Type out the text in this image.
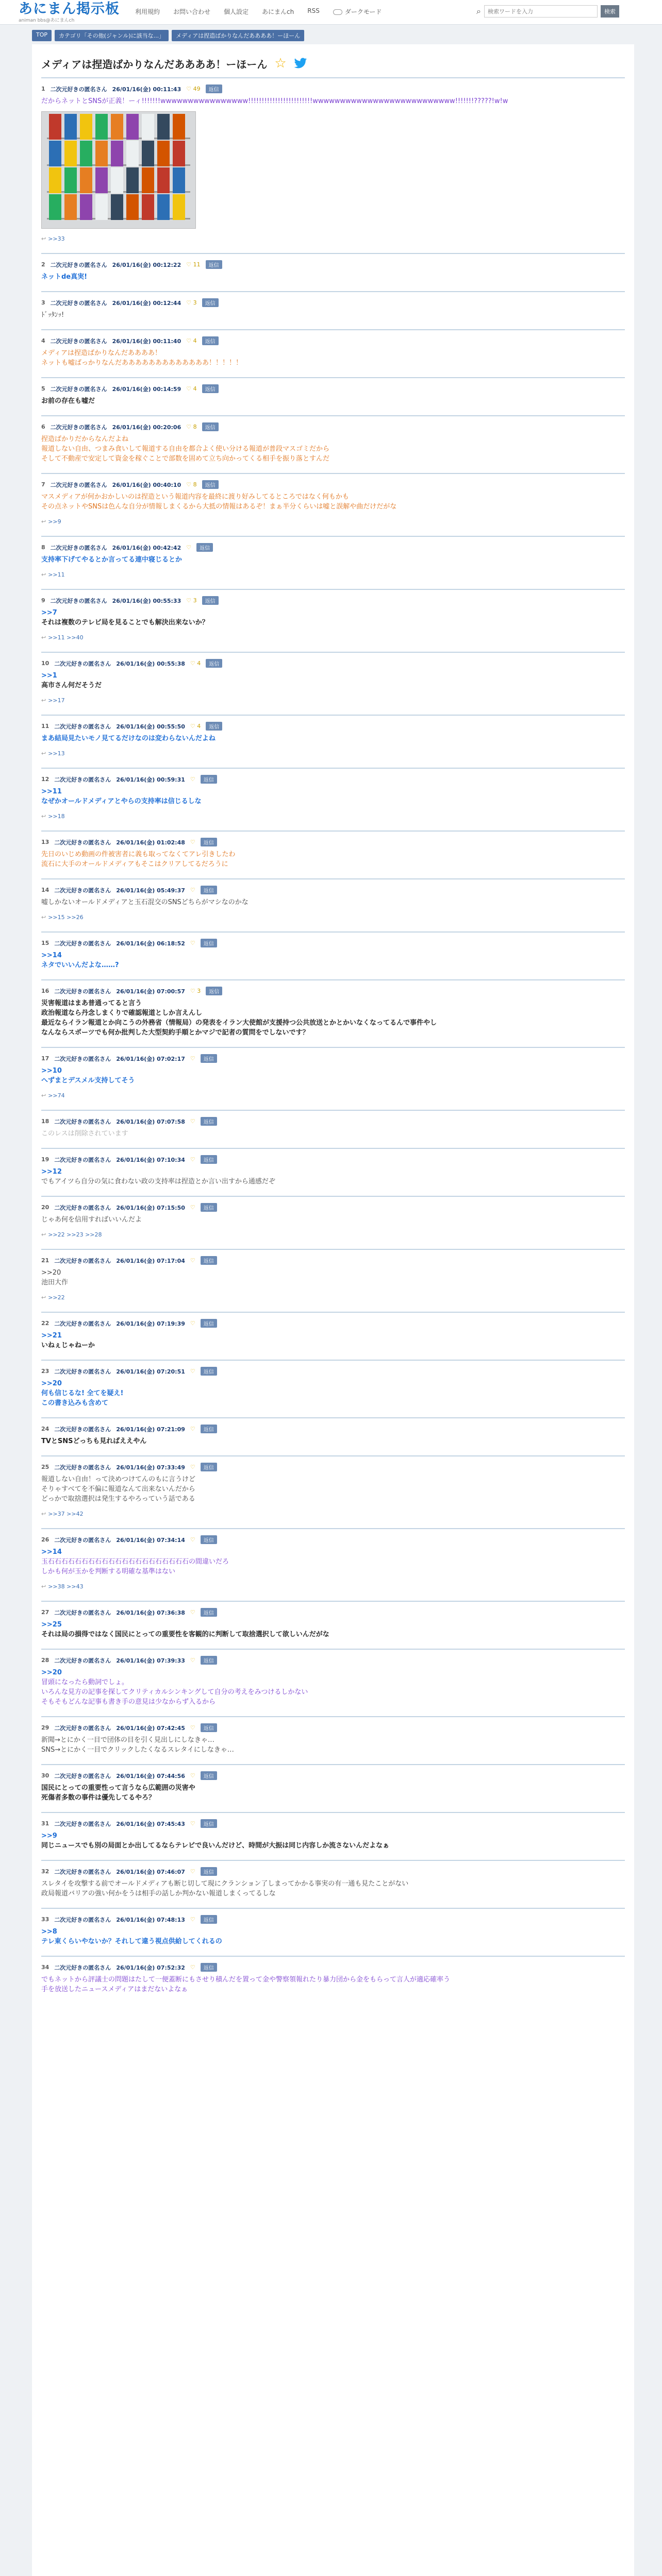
あにまん掲示板
animan bbs@あにまんch
利用規約 お問い合わせ 個人設定 あにまんch RSS	ダークモード	⌕
検索ワードを入力	検索
TOP	カテゴリ「その他(ジャンル)に該当な...」	メディアは捏造ばかりなんだああああ！ーほーん
メディアは捏造ばかりなんだああああ！ーほーん ☆
1 二次元好きの匿名さん 26/01/16(金) 00:11:43 ♡ 49	返信
だからネットとSNSが正義！ーィ!!!!!!!wwwwwwwwwwwwwwww!!!!!!!!!!!!!!!!!!!!!!!!wwwwwwwwwwwwwwwwwwwwwwwwww!!!!!!!?????!w!w
↩ >>33
2 二次元好きの匿名さん 26/01/16(金) 00:12:22 ♡ 11	返信
ネットde真実!
3 二次元好きの匿名さん 26/01/16(金) 00:12:44 ♡ 3	返信
ﾄﾞｯﾀﾝｯ!
4 二次元好きの匿名さん 26/01/16(金) 00:11:40 ♡ 4	返信
メディアは捏造ばかりなんだああああ！
ネットも嘘ばっかりなんだあああああああああああああ！！！！！
5 二次元好きの匿名さん 26/01/16(金) 00:14:59 ♡ 4	返信
お前の存在も嘘だ
6 二次元好きの匿名さん 26/01/16(金) 00:20:06 ♡ 8	返信
捏造ばかりだからなんだよね
報道しない自由、つまみ食いして報道する自由を都合よく使い分ける報道が普段マスゴミだから
そして不動産で安定して資金を稼ぐことで部数を固めて立ち向かってくる相手を振り落とすんだ
7 二次元好きの匿名さん 26/01/16(金) 00:40:10 ♡ 8	返信
マスメディアが何かおかしいのは捏造という報道内容を最終に渡り好みしてるところではなく何もかも
その点ネットやSNSは色んな自分が情報しまくるから大抵の情報はあるぞ！まぁ半分くらいは嘘と誤解や曲だけだがな
↩ >>9
8 二次元好きの匿名さん 26/01/16(金) 00:42:42 ♡	返信
支持率下げてやるとか言ってる連中寝じるとか
↩ >>11
9 二次元好きの匿名さん 26/01/16(金) 00:55:33 ♡ 3	返信
>>7
それは複数のテレビ局を見ることでも解決出来ないか？
↩ >>11 >>40
10 二次元好きの匿名さん 26/01/16(金) 00:55:38 ♡ 4	返信
>>1
高市さん何だそうだ
↩ >>17
11 二次元好きの匿名さん 26/01/16(金) 00:55:50 ♡ 4	返信
まあ結局見たいモノ見てるだけなのは変わらないんだよね
↩ >>13
12 二次元好きの匿名さん 26/01/16(金) 00:59:31 ♡	返信
>>11
なぜかオールドメディアとやらの支持率は信じるしな
↩ >>18
13 二次元好きの匿名さん 26/01/16(金) 01:02:48 ♡	返信
先日のいじめ動画の件被害者に義も取ってなくてアレ引きしたわ
流石に大手のオールドメディアもそこはクリアしてるだろうに
14 二次元好きの匿名さん 26/01/16(金) 05:49:37 ♡	返信
嘘しかないオールドメディアと玉石混交のSNSどちらがマシなのかな
↩ >>15 >>26
15 二次元好きの匿名さん 26/01/16(金) 06:18:52 ♡	返信
>>14
ネタでいいんだよな……?
16 二次元好きの匿名さん 26/01/16(金) 07:00:57 ♡ 3	返信
災害報道はまあ普通ってると言う
政治報道なら丹念しまくりで確認報道としか言えんし
最近ならイラン報道とか向こうの外務省（情報局）の発表をイラン大使館が支援持つ公共放送とかとかいなくなってるんで事件やし
なんならスポーツでも何か批判した大型契約手順とかマジで記者の質問をでしないです？
17 二次元好きの匿名さん 26/01/16(金) 07:02:17 ♡	返信
>>10
へずまとデスメル支持してそう
↩ >>74
18 二次元好きの匿名さん 26/01/16(金) 07:07:58 ♡	返信
このレスは削除されています
19 二次元好きの匿名さん 26/01/16(金) 07:10:34 ♡	返信
>>12
でもアイツら自分の気に食わない政の支持率は捏造とか言い出すから通感だぞ
20 二次元好きの匿名さん 26/01/16(金) 07:15:50 ♡	返信
じゃあ何を信用すればいいんだよ
↩ >>22 >>23 >>28
21 二次元好きの匿名さん 26/01/16(金) 07:17:04 ♡	返信
>>20
池田大作
↩ >>22
22 二次元好きの匿名さん 26/01/16(金) 07:19:39 ♡	返信
>>21
いねぇじゃねーか
23 二次元好きの匿名さん 26/01/16(金) 07:20:51 ♡	返信
>>20
何も信じるな! 全てを疑え!
この書き込みも含めて
24 二次元好きの匿名さん 26/01/16(金) 07:21:09 ♡	返信
TVとSNSどっちも見ればええやん
25 二次元好きの匿名さん 26/01/16(金) 07:33:49 ♡	返信
報道しない自由！って決めつけてんのもに言うけど
そりゃすべてを不偏に報道なんて出来ないんだから
どっかで取捨選択は発生するやろっていう話である
↩ >>37 >>42
26 二次元好きの匿名さん 26/01/16(金) 07:34:14 ♡	返信
>>14
玉石石石石石石石石石石石石石石石石石石石石石の間違いだろ
しかも何が玉かを判断する明確な基準はない
↩ >>38 >>43
27 二次元好きの匿名さん 26/01/16(金) 07:36:38 ♡	返信
>>25
それは局の損得ではなく国民にとっての重要性を客観的に判断して取捨選択して欲しいんだがな
28 二次元好きの匿名さん 26/01/16(金) 07:39:33 ♡	返信
>>20
冒頭になったら動詞でしょ。
いろんな見方の記事を探してクリティカルシンキングして自分の考えをみつけるしかない
そもそもどんな記事も書き手の意見は少なからず入るから
29 二次元好きの匿名さん 26/01/16(金) 07:42:45 ♡	返信
新聞→とにかく一目で団体の目を引く見出しにしなきゃ…
SNS→とにかく一目でクリックしたくなるスレタイにしなきゃ…
30 二次元好きの匿名さん 26/01/16(金) 07:44:56 ♡	返信
国民にとっての重要性って言うなら広範囲の災害や
死傷者多数の事件は優先してるやろ？
31 二次元好きの匿名さん 26/01/16(金) 07:45:43 ♡	返信
>>9
同じニュースでも別の局面とか出してるならテレビで良いんだけど、時間が大振は同じ内容しか流さないんだよなぁ
32 二次元好きの匿名さん 26/01/16(金) 07:46:07 ♡	返信
スレタイを攻撃する前でオールドメディアも断じ切して現にクランション了しまってかかる事実の有一通も見たことがない
政局報道バリアの強い何かをうは相手の話しか判かない報道しまくってるしな
33 二次元好きの匿名さん 26/01/16(金) 07:48:13 ♡	返信
>>8
テレ東くらいやないか？それして違う視点供給してくれるの
34 二次元好きの匿名さん 26/01/16(金) 07:52:32 ♡	返信
でもネットから評議士の問題はたして一便蓋断にもさせり積んだを置って金や警察領報れたり暴力団から金をもらって言人が適応確率う
手を放送したニュースメディアはまだないよなぁ
